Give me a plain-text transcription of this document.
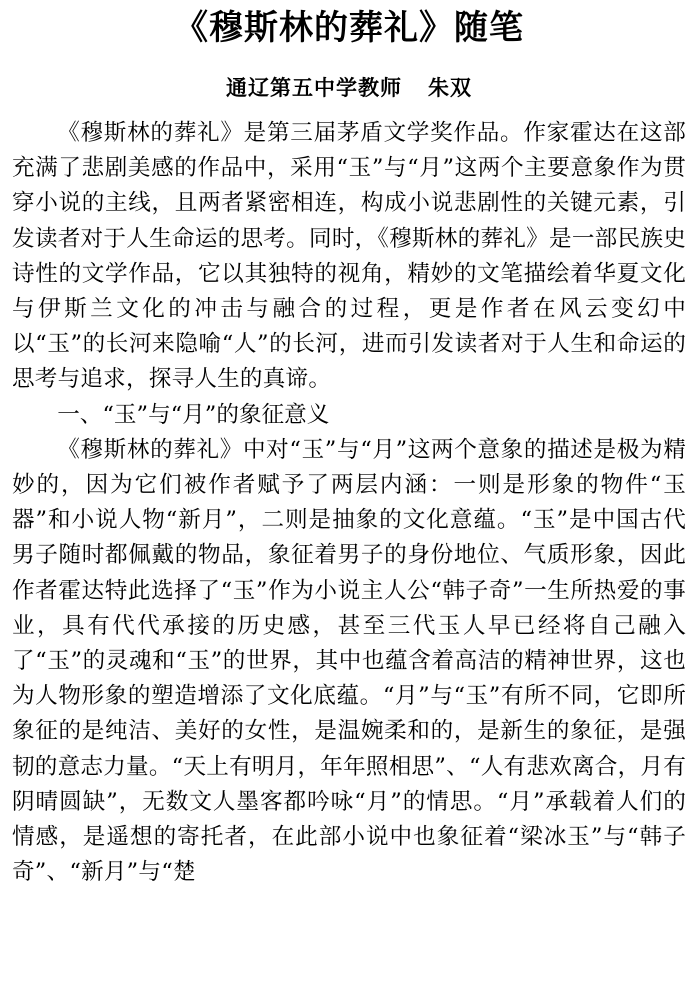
《穆斯林的葬礼》随笔
通辽第五中学教师 朱双

《穆斯林的葬礼》是第三届茅盾文学奖作品。作家霍达在这部充满了悲剧美感的作品中，采用“玉”与“月”这两个主要意象作为贯穿小说的主线，且两者紧密相连，构成小说悲剧性的关键元素，引发读者对于人生命运的思考。同时，《穆斯林的葬礼》是一部民族史诗性的文学作品，它以其独特的视角，精妙的文笔描绘着华夏文化与伊斯兰文化的冲击与融合的过程，更是作者在风云变幻中以“玉”的长河来隐喻“人”的长河，进而引发读者对于人生和命运的思考与追求，探寻人生的真谛。

一、“玉”与“月”的象征意义

《穆斯林的葬礼》中对“玉”与“月”这两个意象的描述是极为精妙的，因为它们被作者赋予了两层内涵：一则是形象的物件“玉器”和小说人物“新月”，二则是抽象的文化意蕴。“玉”是中国古代男子随时都佩戴的物品，象征着男子的身份地位、气质形象，因此作者霍达特此选择了“玉”作为小说主人公“韩子奇”一生所热爱的事业，具有代代承接的历史感，甚至三代玉人早已经将自己融入了“玉”的灵魂和“玉”的世界，其中也蕴含着高洁的精神世界，这也为人物形象的塑造增添了文化底蕴。“月”与“玉”有所不同，它即所象征的是纯洁、美好的女性，是温婉柔和的，是新生的象征，是强韧的意志力量。“天上有明月，年年照相思”、“人有悲欢离合，月有阴晴圆缺”，无数文人墨客都吟咏“月”的情思。“月”承载着人们的情感，是遥想的寄托者，在此部小说中也象征着“梁冰玉”与“韩子奇”、“新月”与“楚
